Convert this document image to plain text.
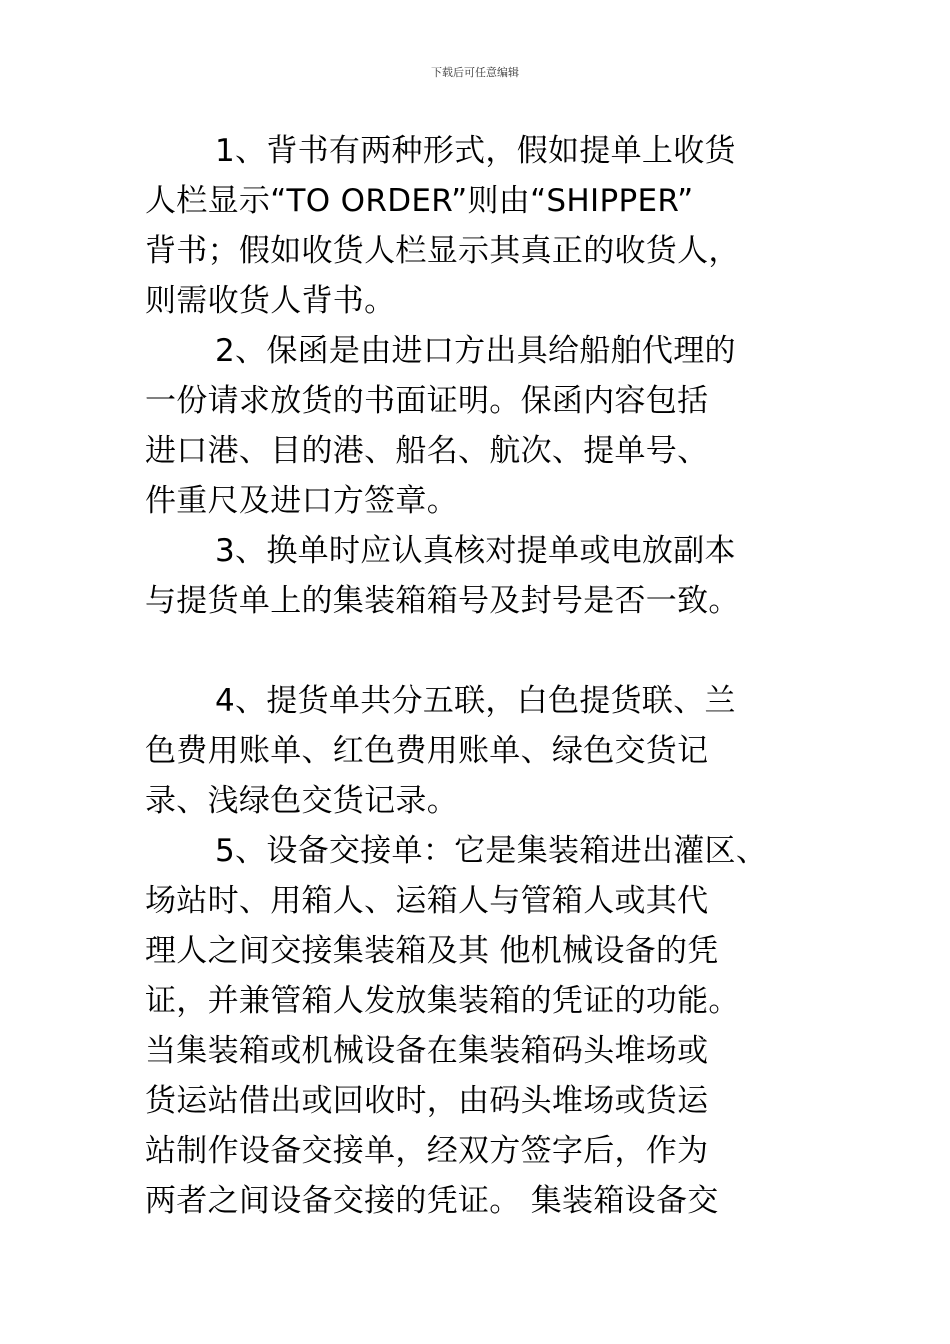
下载后可任意编辑

1、背书有两种形式，假如提单上收货
人栏显示“TO ORDER”则由“SHIPPER”
背书；假如收货人栏显示其真正的收货人，
则需收货人背书。

2、保函是由进口方出具给船舶代理的
一份请求放货的书面证明。保函内容包括
进口港、目的港、船名、航次、提单号、
件重尺及进口方签章。

3、换单时应认真核对提单或电放副本
与提货单上的集装箱箱号及封号是否一致。

4、提货单共分五联，白色提货联、兰
色费用账单、红色费用账单、绿色交货记
录、浅绿色交货记录。

5、设备交接单：它是集装箱进出灌区、
场站时、用箱人、运箱人与管箱人或其代
理人之间交接集装箱及其 他机械设备的凭
证，并兼管箱人发放集装箱的凭证的功能。
当集装箱或机械设备在集装箱码头堆场或
货运站借出或回收时，由码头堆场或货运
站制作设备交接单，经双方签字后，作为
两者之间设备交接的凭证。 集装箱设备交
